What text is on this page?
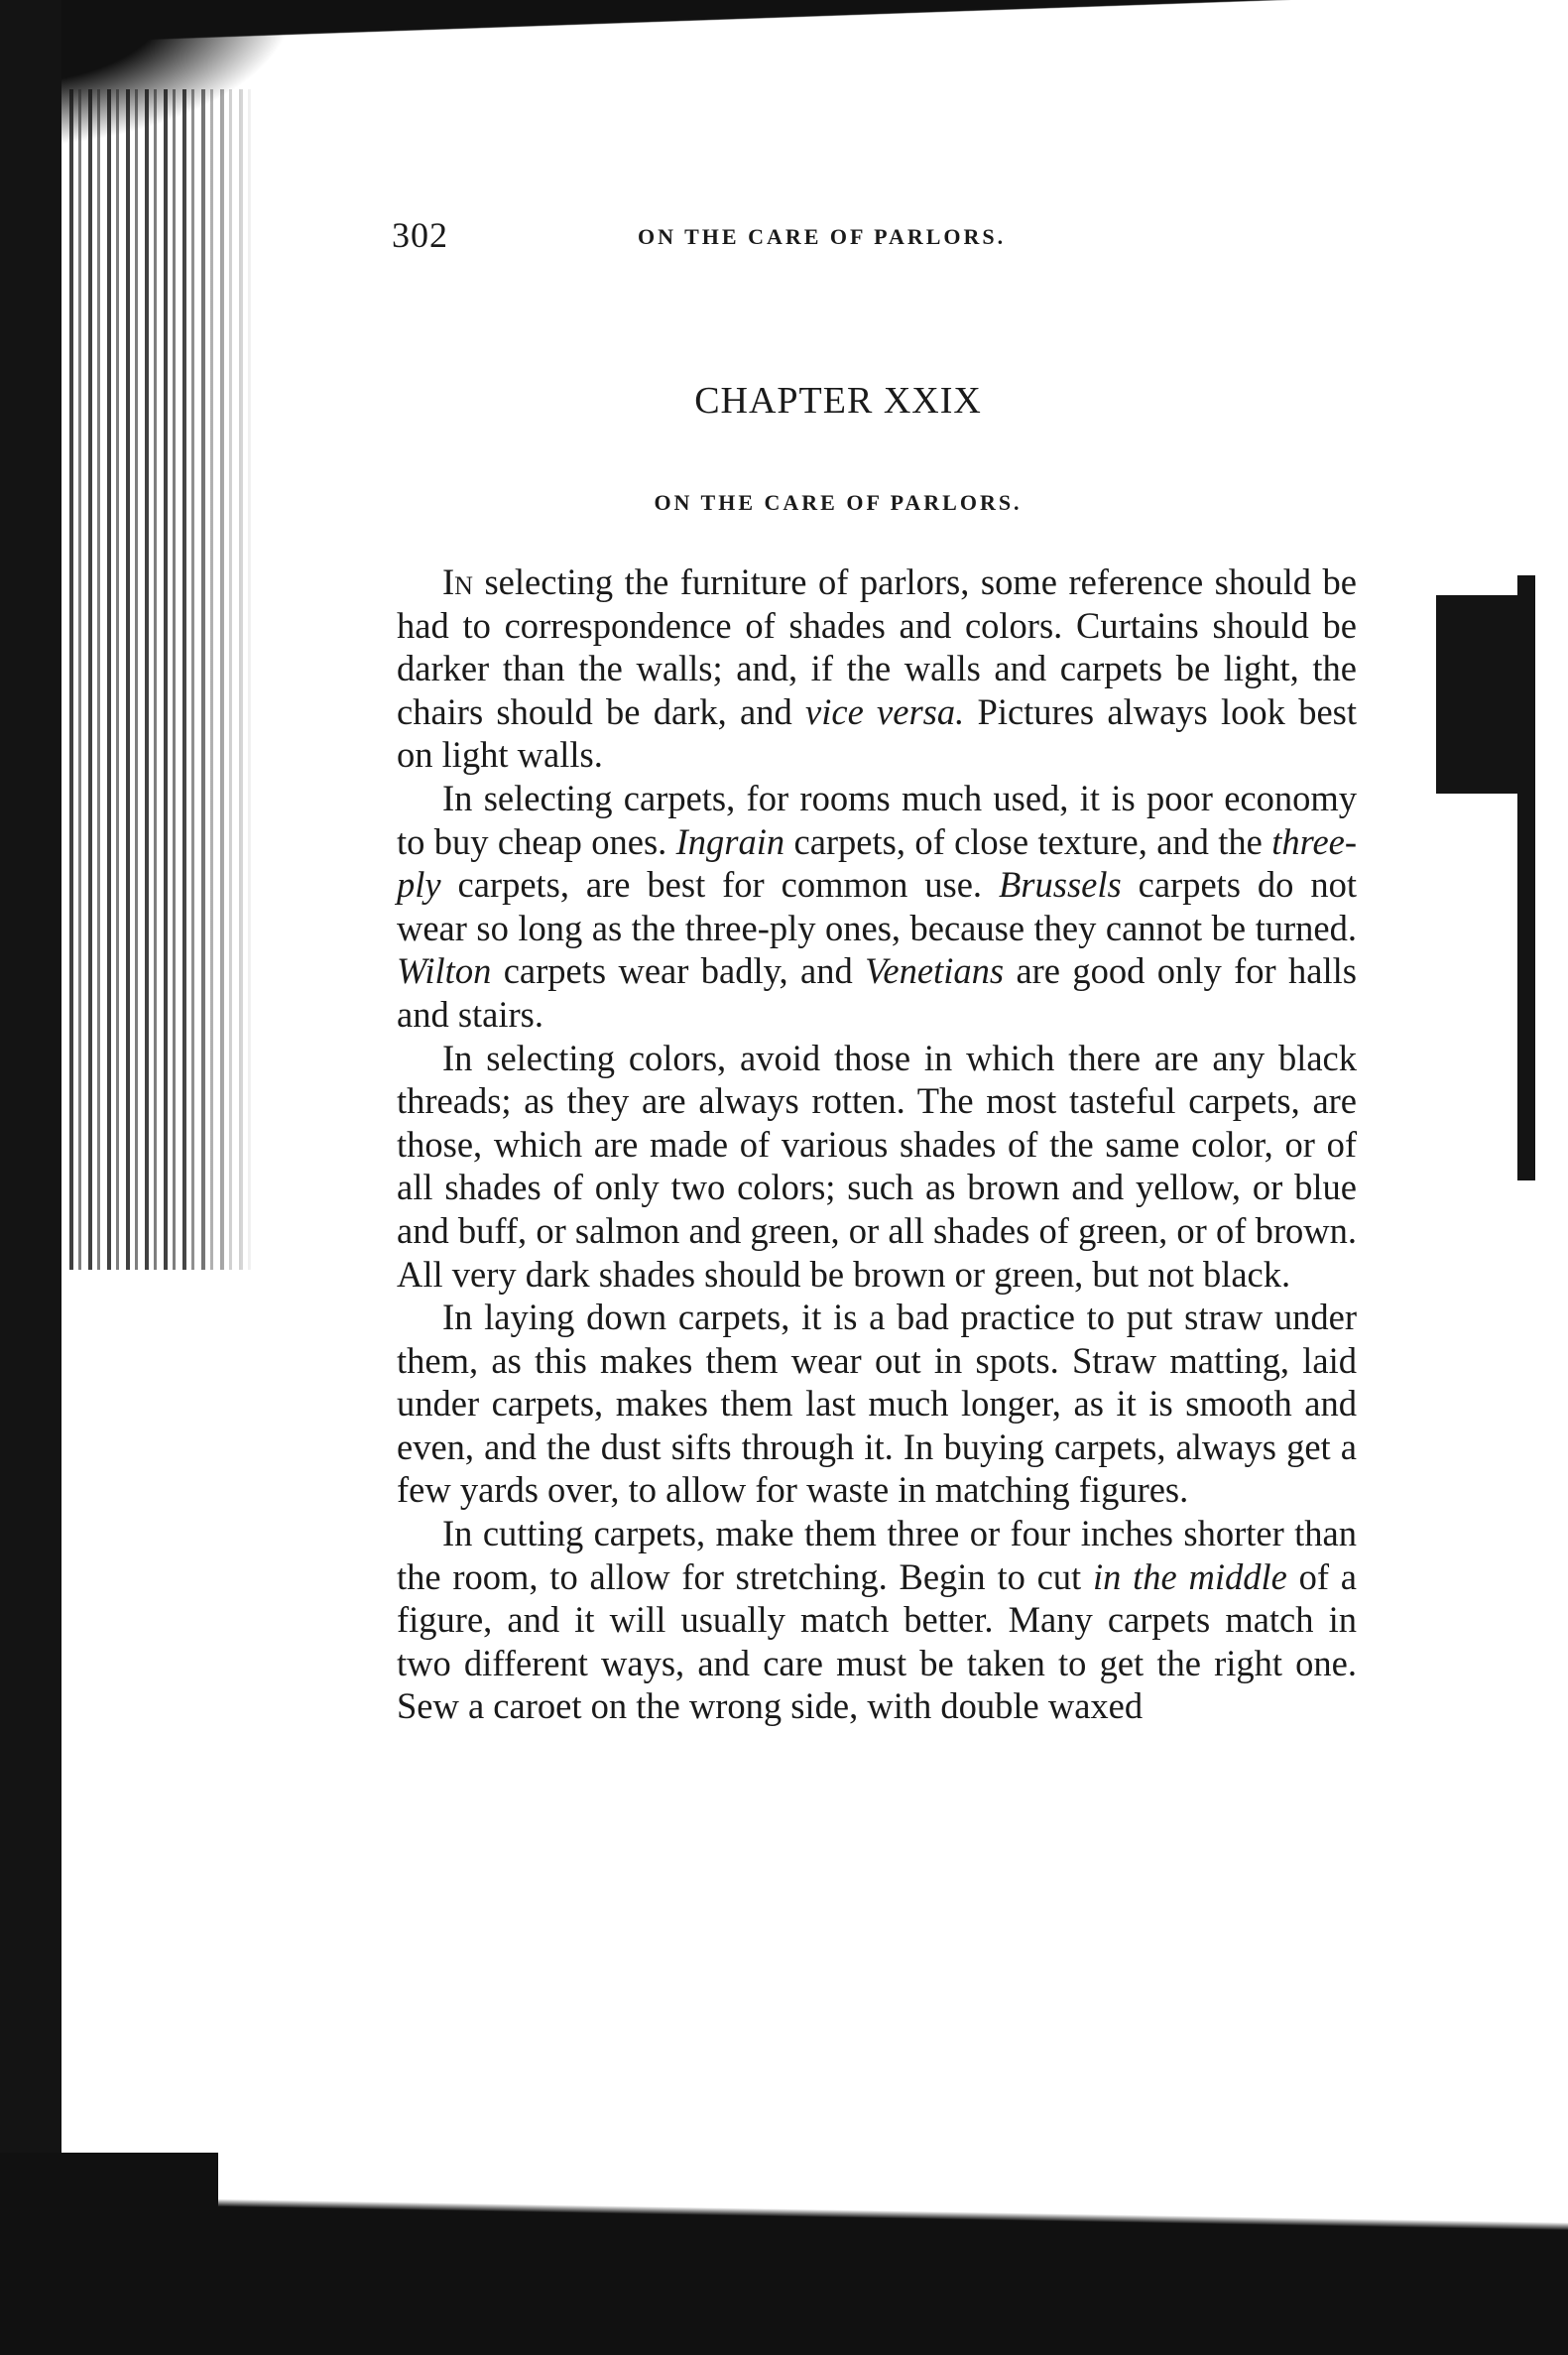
302	ON THE CARE OF PARLORS.
CHAPTER XXIX
ON THE CARE OF PARLORS.

In selecting the furniture of parlors, some reference should be had to correspondence of shades and colors. Curtains should be darker than the walls; and, if the walls and carpets be light, the chairs should be dark, and vice versa. Pictures always look best on light walls.

In selecting carpets, for rooms much used, it is poor economy to buy cheap ones. Ingrain carpets, of close texture, and the three-ply carpets, are best for common use. Brussels carpets do not wear so long as the three-ply ones, because they cannot be turned. Wilton carpets wear badly, and Venetians are good only for halls and stairs.

In selecting colors, avoid those in which there are any black threads; as they are always rotten. The most tasteful carpets, are those, which are made of various shades of the same color, or of all shades of only two colors; such as brown and yellow, or blue and buff, or salmon and green, or all shades of green, or of brown. All very dark shades should be brown or green, but not black.

In laying down carpets, it is a bad practice to put straw under them, as this makes them wear out in spots. Straw matting, laid under carpets, makes them last much longer, as it is smooth and even, and the dust sifts through it. In buying carpets, always get a few yards over, to allow for waste in matching figures.

In cutting carpets, make them three or four inches shorter than the room, to allow for stretching. Begin to cut in the middle of a figure, and it will usually match better. Many carpets match in two different ways, and care must be taken to get the right one. Sew a caroet on the wrong side, with double waxed
